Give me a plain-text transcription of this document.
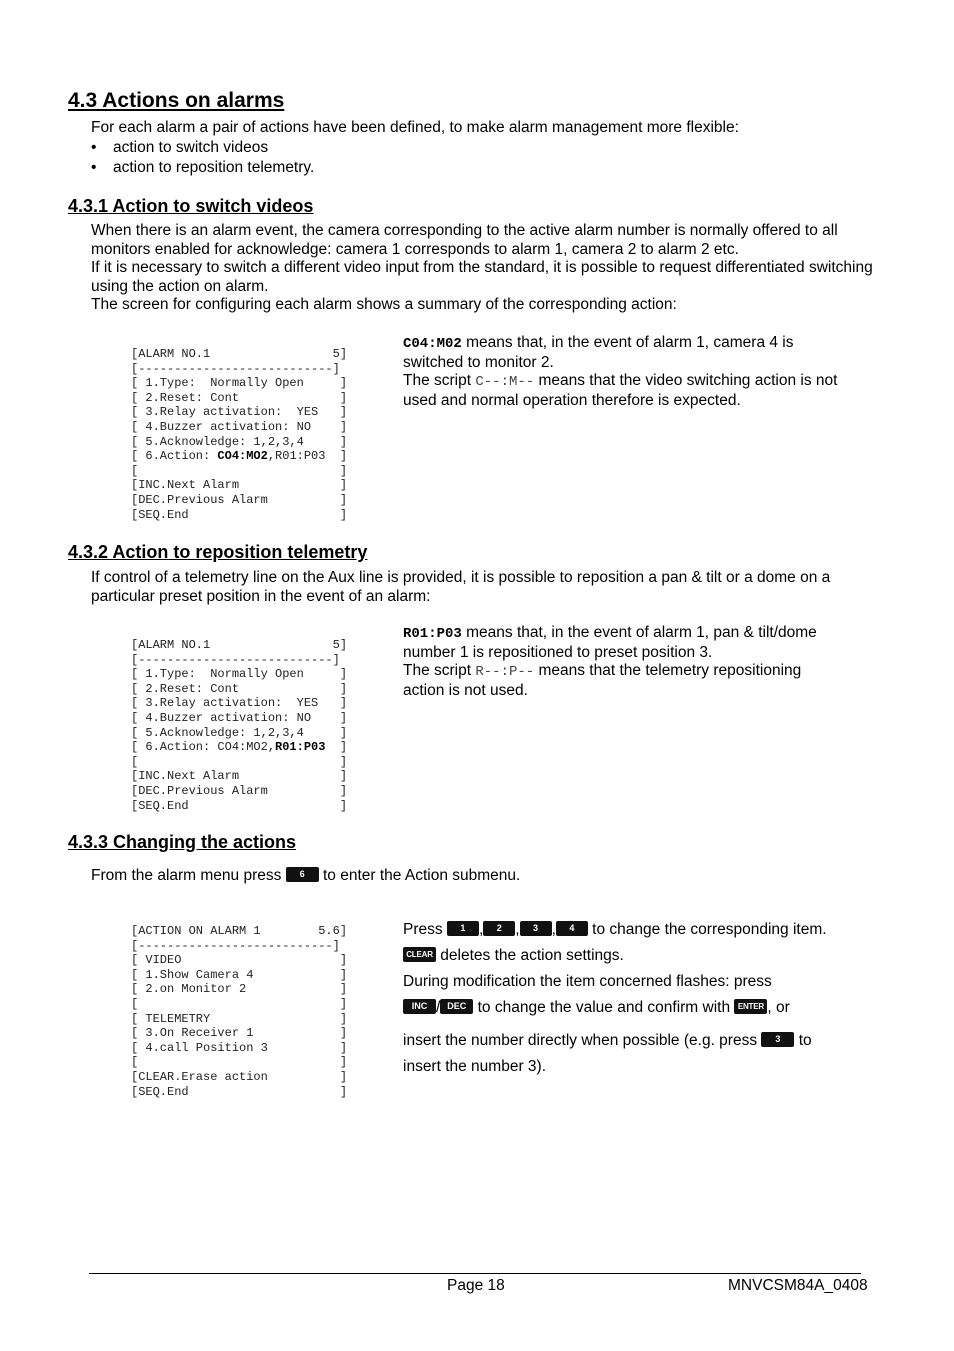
4.3 Actions on alarms

For each alarm a pair of actions have been defined, to make alarm management more flexible:

• action to switch videos
• action to reposition telemetry.
4.3.1 Action to switch videos

When there is an alarm event, the camera corresponding to the active alarm number is normally offered to all monitors enabled for acknowledge: camera 1 corresponds to alarm 1, camera 2 to alarm 2 etc.

If it is necessary to switch a different video input from the standard, it is possible to request differentiated switching using the action on alarm.

The screen for configuring each alarm shows a summary of the corresponding action:

[ALARM NO.1                 5]
[---------------------------]
[ 1.Type:  Normally Open     ]
[ 2.Reset: Cont              ]
[ 3.Relay activation:  YES   ]
[ 4.Buzzer activation: NO    ]
[ 5.Acknowledge: 1,2,3,4     ]
[ 6.Action: CO4:MO2,R01:P03  ]
[                            ]
[INC.Next Alarm              ]
[DEC.Previous Alarm          ]
[SEQ.End                     ]

C04:M02 means that, in the event of alarm 1, camera 4 is switched to monitor 2.

The script C--:M-- means that the video switching action is not used and normal operation therefore is expected.

4.3.2 Action to reposition telemetry

If control of a telemetry line on the Aux line is provided, it is possible to reposition a pan & tilt or a dome on a particular preset position in the event of an alarm:

[ALARM NO.1                 5]
[---------------------------]
[ 1.Type:  Normally Open     ]
[ 2.Reset: Cont              ]
[ 3.Relay activation:  YES   ]
[ 4.Buzzer activation: NO    ]
[ 5.Acknowledge: 1,2,3,4     ]
[ 6.Action: CO4:MO2,R01:P03  ]
[                            ]
[INC.Next Alarm              ]
[DEC.Previous Alarm          ]
[SEQ.End                     ]

R01:P03 means that, in the event of alarm 1, pan & tilt/dome number 1 is repositioned to preset position 3.

The script R--:P-- means that the telemetry repositioning action is not used.

4.3.3 Changing the actions

From the alarm menu press 6 to enter the Action submenu.

[ACTION ON ALARM 1        5.6]
[---------------------------]
[ VIDEO                      ]
[ 1.Show Camera 4            ]
[ 2.on Monitor 2             ]
[                            ]
[ TELEMETRY                  ]
[ 3.On Receiver 1            ]
[ 4.call Position 3          ]
[                            ]
[CLEAR.Erase action          ]
[SEQ.End                     ]

Press 1 , 2 , 3 , 4 to change the corresponding item.

CLEAR deletes the action settings.

During modification the item concerned flashes: press

INC / DEC to change the value and confirm with ENTER , or

insert the number directly when possible (e.g. press 3 to insert the number 3).

Page 18	MNVCSM84A_0408
